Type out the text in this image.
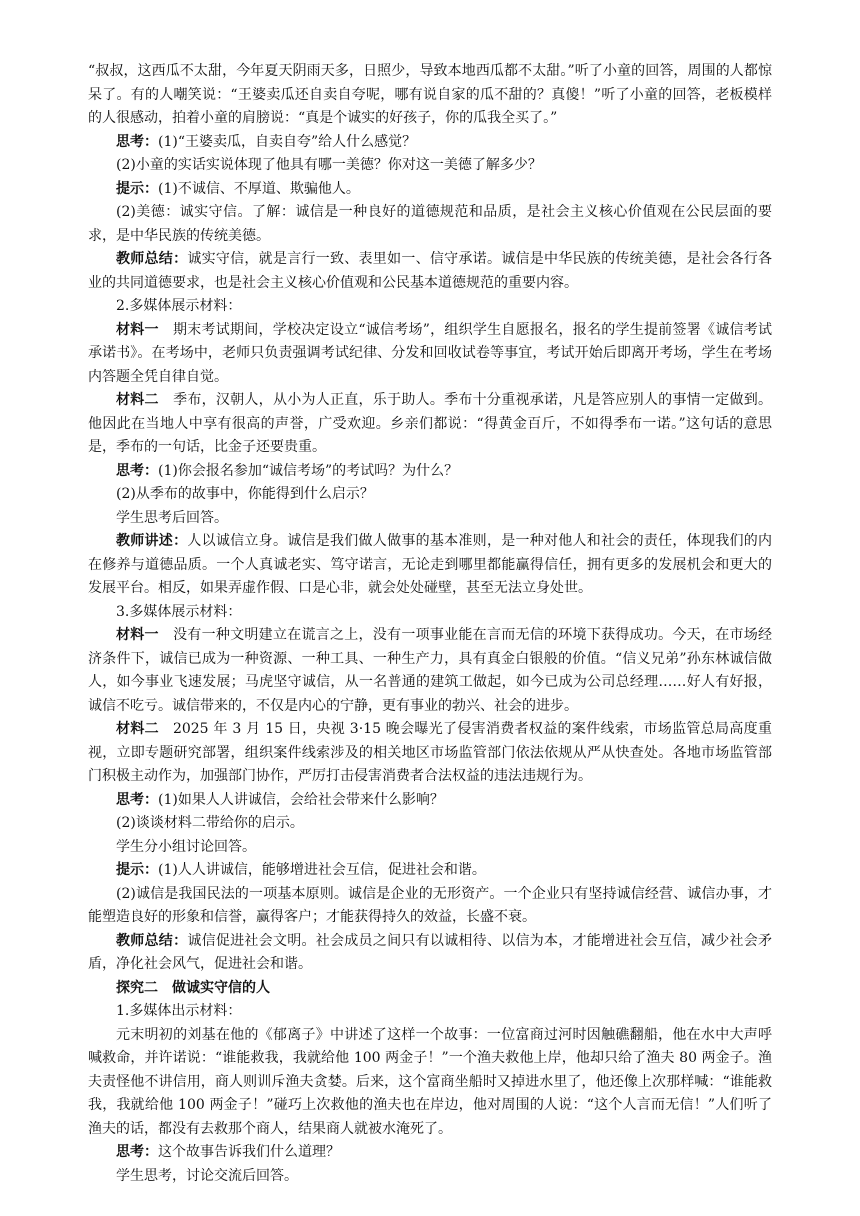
“叔叔，这西瓜不太甜，今年夏天阴雨天多，日照少，导致本地西瓜都不太甜。”听了小童的回答，周围的人都惊呆了。有的人嘲笑说：“王婆卖瓜还自卖自夸呢，哪有说自家的瓜不甜的？真傻！”听了小童的回答，老板模样的人很感动，拍着小童的肩膀说：“真是个诚实的好孩子，你的瓜我全买了。”

思考：(1)“王婆卖瓜，自卖自夸”给人什么感觉？

(2)小童的实话实说体现了他具有哪一美德？你对这一美德了解多少？

提示：(1)不诚信、不厚道、欺骗他人。

(2)美德：诚实守信。了解：诚信是一种良好的道德规范和品质，是社会主义核心价值观在公民层面的要求，是中华民族的传统美德。

教师总结：诚实守信，就是言行一致、表里如一、信守承诺。诚信是中华民族的传统美德，是社会各行各业的共同道德要求，也是社会主义核心价值观和公民基本道德规范的重要内容。

2.多媒体展示材料：

材料一 期末考试期间，学校决定设立“诚信考场”，组织学生自愿报名，报名的学生提前签署《诚信考试承诺书》。在考场中，老师只负责强调考试纪律、分发和回收试卷等事宜，考试开始后即离开考场，学生在考场内答题全凭自律自觉。

材料二 季布，汉朝人，从小为人正直，乐于助人。季布十分重视承诺，凡是答应别人的事情一定做到。他因此在当地人中享有很高的声誉，广受欢迎。乡亲们都说：“得黄金百斤，不如得季布一诺。”这句话的意思是，季布的一句话，比金子还要贵重。

思考：(1)你会报名参加“诚信考场”的考试吗？为什么？

(2)从季布的故事中，你能得到什么启示？

学生思考后回答。

教师讲述：人以诚信立身。诚信是我们做人做事的基本准则，是一种对他人和社会的责任，体现我们的内在修养与道德品质。一个人真诚老实、笃守诺言，无论走到哪里都能赢得信任，拥有更多的发展机会和更大的发展平台。相反，如果弄虚作假、口是心非，就会处处碰壁，甚至无法立身处世。

3.多媒体展示材料：

材料一 没有一种文明建立在谎言之上，没有一项事业能在言而无信的环境下获得成功。今天，在市场经济条件下，诚信已成为一种资源、一种工具、一种生产力，具有真金白银般的价值。“信义兄弟”孙东林诚信做人，如今事业飞速发展；马虎坚守诚信，从一名普通的建筑工做起，如今已成为公司总经理……好人有好报，诚信不吃亏。诚信带来的，不仅是内心的宁静，更有事业的勃兴、社会的进步。

材料二 2025 年 3 月 15 日，央视 3·15 晚会曝光了侵害消费者权益的案件线索，市场监管总局高度重视，立即专题研究部署，组织案件线索涉及的相关地区市场监管部门依法依规从严从快查处。各地市场监管部门积极主动作为，加强部门协作，严厉打击侵害消费者合法权益的违法违规行为。

思考：(1)如果人人讲诚信，会给社会带来什么影响？

(2)谈谈材料二带给你的启示。

学生分小组讨论回答。

提示：(1)人人讲诚信，能够增进社会互信，促进社会和谐。

(2)诚信是我国民法的一项基本原则。诚信是企业的无形资产。一个企业只有坚持诚信经营、诚信办事，才能塑造良好的形象和信誉，赢得客户；才能获得持久的效益，长盛不衰。

教师总结：诚信促进社会文明。社会成员之间只有以诚相待、以信为本，才能增进社会互信，减少社会矛盾，净化社会风气，促进社会和谐。

探究二 做诚实守信的人

1.多媒体出示材料：

元末明初的刘基在他的《郁离子》中讲述了这样一个故事：一位富商过河时因触礁翻船，他在水中大声呼喊救命，并许诺说：“谁能救我，我就给他 100 两金子！”一个渔夫救他上岸，他却只给了渔夫 80 两金子。渔夫责怪他不讲信用，商人则训斥渔夫贪婪。后来，这个富商坐船时又掉进水里了，他还像上次那样喊：“谁能救我，我就给他 100 两金子！”碰巧上次救他的渔夫也在岸边，他对周围的人说：“这个人言而无信！”人们听了渔夫的话，都没有去救那个商人，结果商人就被水淹死了。

思考：这个故事告诉我们什么道理？

学生思考，讨论交流后回答。
